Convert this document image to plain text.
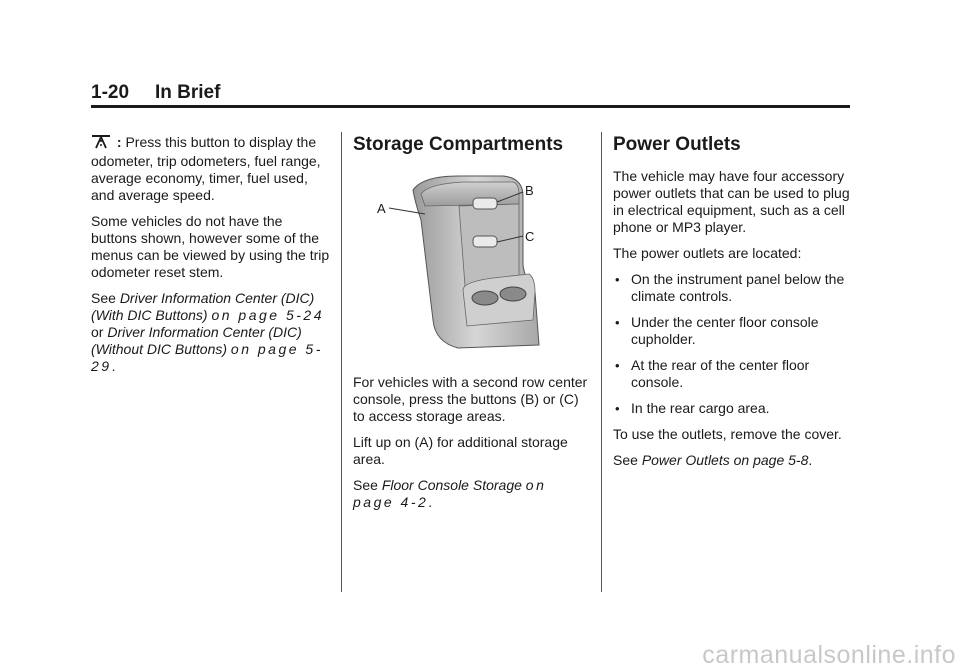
1-20 In Brief

: Press this button to display the odometer, trip odometers, fuel range, average economy, timer, fuel used, and average speed.

Some vehicles do not have the buttons shown, however some of the menus can be viewed by using the trip odometer reset stem.

See Driver Information Center (DIC) (With DIC Buttons) on page 5-24 or Driver Information Center (DIC) (Without DIC Buttons) on page 5-29.

Storage Compartments
A
B
C

For vehicles with a second row center console, press the buttons (B) or (C) to access storage areas.

Lift up on (A) for additional storage area.

See Floor Console Storage on page 4-2.

Power Outlets

The vehicle may have four accessory power outlets that can be used to plug in electrical equipment, such as a cell phone or MP3 player.

The power outlets are located:

• On the instrument panel below the climate controls.
• Under the center floor console cupholder.
• At the rear of the center floor console.
• In the rear cargo area.

To use the outlets, remove the cover.

See Power Outlets on page 5-8.

carmanualsonline.info
